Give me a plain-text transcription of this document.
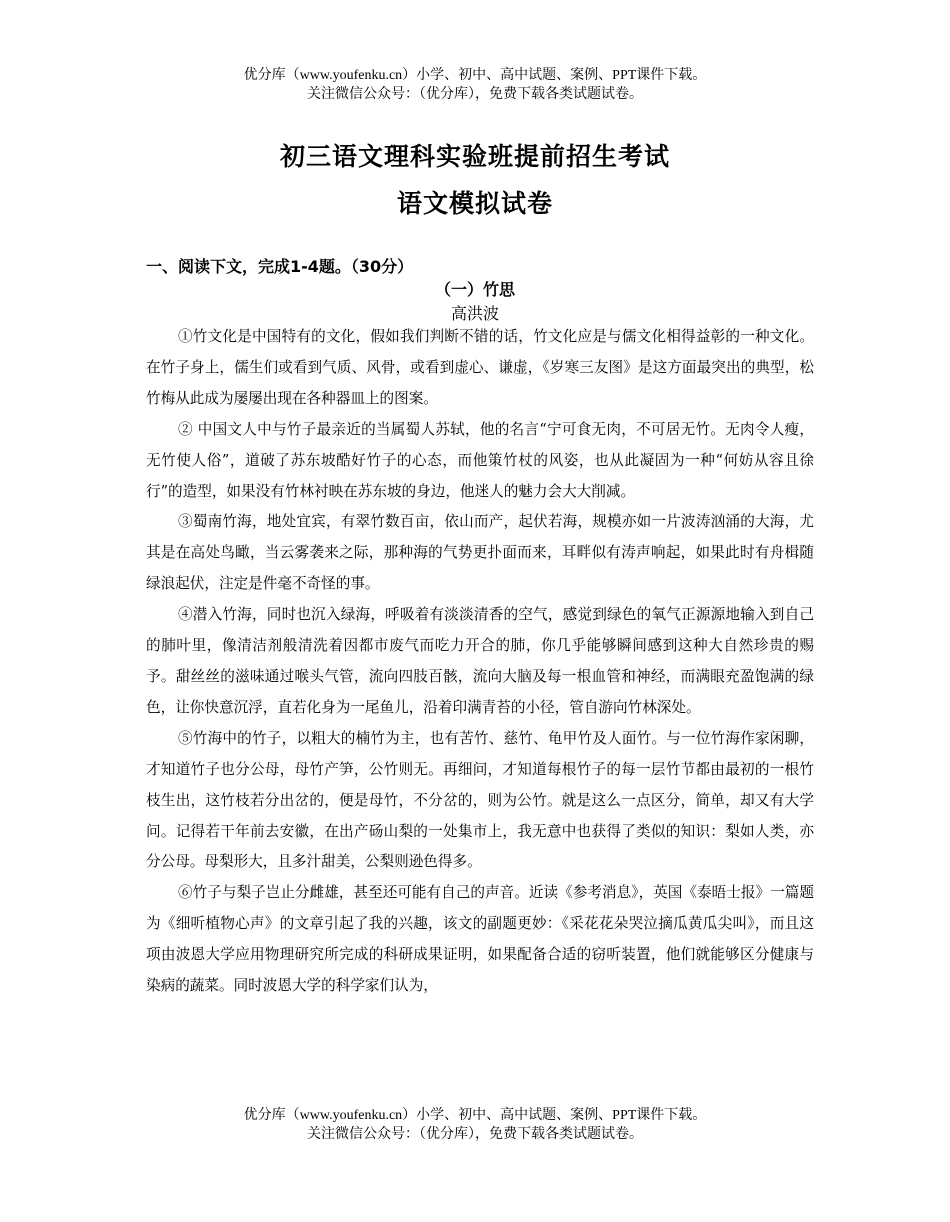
优分库（www.youfenku.cn）小学、初中、高中试题、案例、PPT课件下载。
关注微信公众号：（优分库），免费下载各类试题试卷。
初三语文理科实验班提前招生考试
语文模拟试卷
一、阅读下文，完成1-4题。（30分）
（一）竹思
高洪波

①竹文化是中国特有的文化，假如我们判断不错的话，竹文化应是与儒文化相得益彰的一种文化。在竹子身上，儒生们或看到气质、风骨，或看到虚心、谦虚，《岁寒三友图》是这方面最突出的典型，松竹梅从此成为屡屡出现在各种器皿上的图案。

② 中国文人中与竹子最亲近的当属蜀人苏轼，他的名言“宁可食无肉，不可居无竹。无肉令人瘦，无竹使人俗”，道破了苏东坡酷好竹子的心态，而他策竹杖的风姿，也从此凝固为一种“何妨从容且徐行”的造型，如果没有竹林衬映在苏东坡的身边，他迷人的魅力会大大削减。

③蜀南竹海，地处宜宾，有翠竹数百亩，依山而产，起伏若海，规模亦如一片波涛汹涌的大海，尤其是在高处鸟瞰，当云雾袭来之际，那种海的气势更扑面而来，耳畔似有涛声响起，如果此时有舟楫随绿浪起伏，注定是件毫不奇怪的事。

④潜入竹海，同时也沉入绿海，呼吸着有淡淡清香的空气，感觉到绿色的氧气正源源地输入到自己的肺叶里，像清洁剂般清洗着因都市废气而吃力开合的肺，你几乎能够瞬间感到这种大自然珍贵的赐予。甜丝丝的滋味通过喉头气管，流向四肢百骸，流向大脑及每一根血管和神经，而满眼充盈饱满的绿色，让你快意沉浮，直若化身为一尾鱼儿，沿着印满青苔的小径，管自游向竹林深处。

⑤竹海中的竹子，以粗大的楠竹为主，也有苦竹、慈竹、龟甲竹及人面竹。与一位竹海作家闲聊，才知道竹子也分公母，母竹产笋，公竹则无。再细问，才知道每根竹子的每一层竹节都由最初的一根竹枝生出，这竹枝若分出岔的，便是母竹，不分岔的，则为公竹。就是这么一点区分，简单，却又有大学问。记得若干年前去安徽，在出产砀山梨的一处集市上，我无意中也获得了类似的知识：梨如人类，亦分公母。母梨形大，且多汁甜美，公梨则逊色得多。

⑥竹子与梨子岂止分雌雄，甚至还可能有自己的声音。近读《参考消息》，英国《泰晤士报》一篇题为《细听植物心声》的文章引起了我的兴趣，该文的副题更妙：《采花花朵哭泣摘瓜黄瓜尖叫》，而且这项由波恩大学应用物理研究所完成的科研成果证明，如果配备合适的窃听装置，他们就能够区分健康与染病的蔬菜。同时波恩大学的科学家们认为，

优分库（www.youfenku.cn）小学、初中、高中试题、案例、PPT课件下载。
关注微信公众号：（优分库），免费下载各类试题试卷。
